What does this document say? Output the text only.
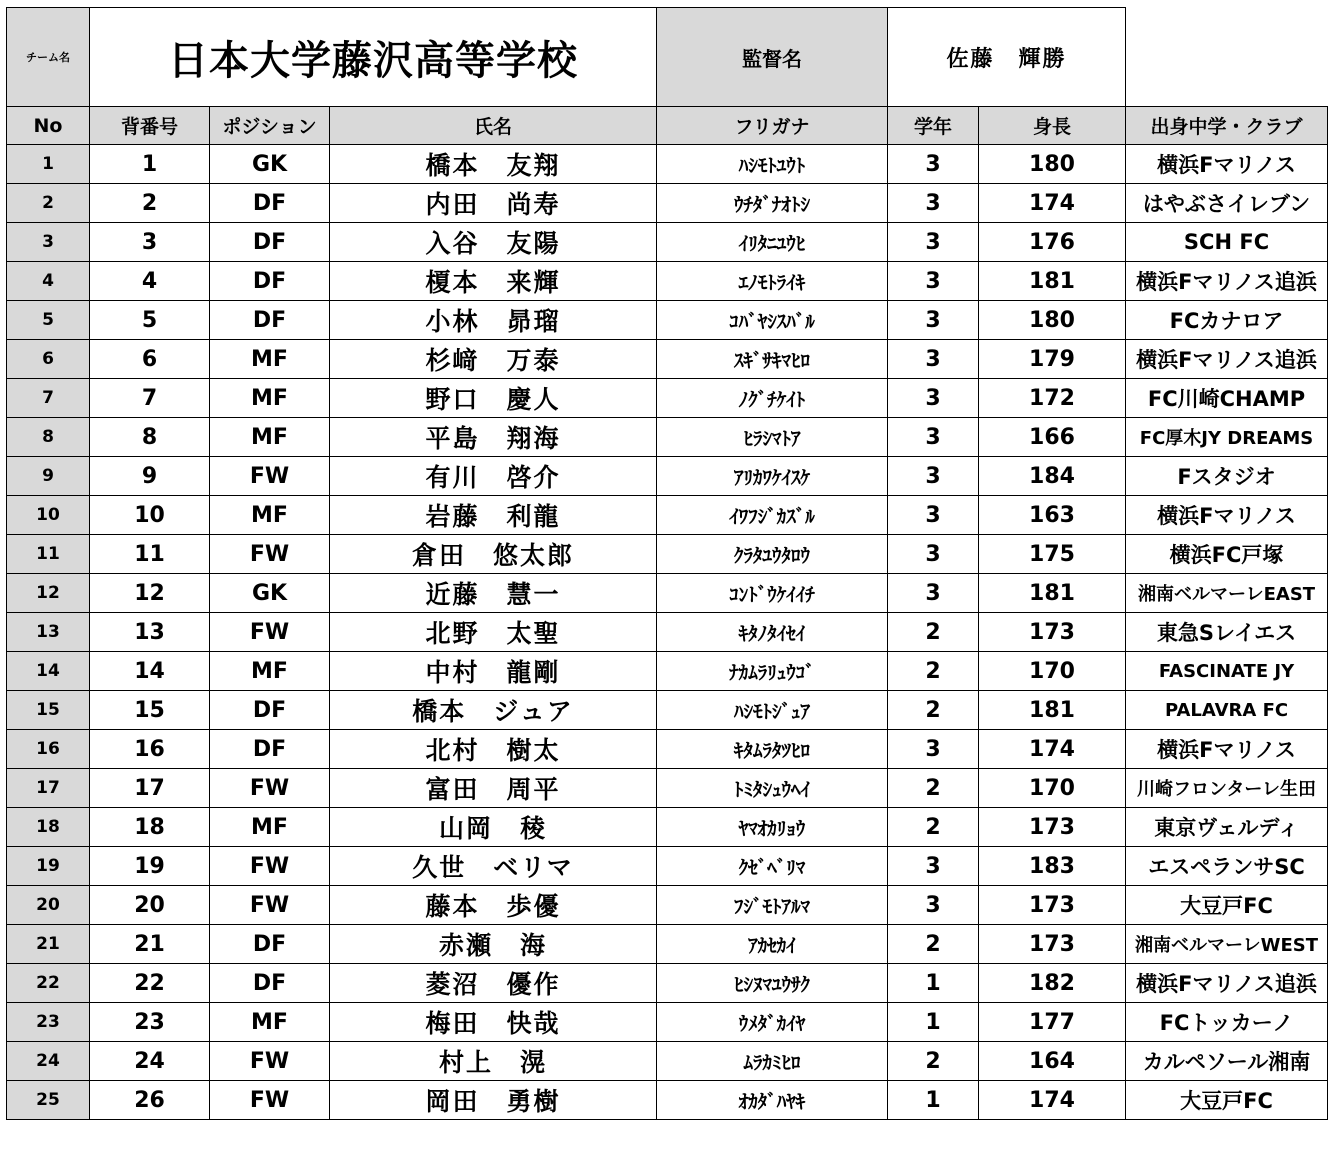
チーム名	日本大学藤沢高等学校			監督名	佐藤　輝勝		
No	背番号	ポジション	氏名	フリガナ	学年	身長	出身中学・クラブ
1	1	GK	橋本　友翔	ﾊｼﾓﾄﾕｳﾄ	3	180	横浜Fマリノス
2	2	DF	内田　尚寿	ｳﾁﾀﾞﾅｵﾄｼ	3	174	はやぶさイレブン
3	3	DF	入谷　友陽	ｲﾘﾀﾆﾕｳﾋ	3	176	SCH FC
4	4	DF	榎本　来輝	ｴﾉﾓﾄﾗｲｷ	3	181	横浜Fマリノス追浜
5	5	DF	小林　昴瑠	ｺﾊﾞﾔｼｽﾊﾞﾙ	3	180	FCカナロア
6	6	MF	杉﨑　万泰	ｽｷﾞｻｷﾏﾋﾛ	3	179	横浜Fマリノス追浜
7	7	MF	野口　慶人	ﾉｸﾞﾁｹｲﾄ	3	172	FC川崎CHAMP
8	8	MF	平島　翔海	ﾋﾗｼﾏﾄｱ	3	166	FC厚木JY DREAMS
9	9	FW	有川　啓介	ｱﾘｶﾜｹｲｽｹ	3	184	Fスタジオ
10	10	MF	岩藤　利龍	ｲﾜﾌｼﾞｶｽﾞﾙ	3	163	横浜Fマリノス
11	11	FW	倉田　悠太郎	ｸﾗﾀﾕｳﾀﾛｳ	3	175	横浜FC戸塚
12	12	GK	近藤　慧一	ｺﾝﾄﾞｳｹｲｲﾁ	3	181	湘南ベルマーレEAST
13	13	FW	北野　太聖	ｷﾀﾉﾀｲｾｲ	2	173	東急Sレイエス
14	14	MF	中村　龍剛	ﾅｶﾑﾗﾘｭｳｺﾞ	2	170	FASCINATE JY
15	15	DF	橋本　ジュア	ﾊｼﾓﾄｼﾞｭｱ	2	181	PALAVRA FC
16	16	DF	北村　樹太	ｷﾀﾑﾗﾀﾂﾋﾛ	3	174	横浜Fマリノス
17	17	FW	富田　周平	ﾄﾐﾀｼｭｳﾍｲ	2	170	川崎フロンターレ生田
18	18	MF	山岡　稜	ﾔﾏｵｶﾘｮｳ	2	173	東京ヴェルディ
19	19	FW	久世　ベリマ	ｸｾﾞﾍﾞﾘﾏ	3	183	エスペランサSC
20	20	FW	藤本　歩優	ﾌｼﾞﾓﾄｱﾙﾏ	3	173	大豆戸FC
21	21	DF	赤瀬　海	ｱｶｾｶｲ	2	173	湘南ベルマーレWEST
22	22	DF	菱沼　優作	ﾋｼﾇﾏﾕｳｻｸ	1	182	横浜Fマリノス追浜
23	23	MF	梅田　快哉	ｳﾒﾀﾞｶｲﾔ	1	177	FCトッカーノ
24	24	FW	村上　滉	ﾑﾗｶﾐﾋﾛ	2	164	カルペソール湘南
25	26	FW	岡田　勇樹	ｵｶﾀﾞﾊﾔｷ	1	174	大豆戸FC
